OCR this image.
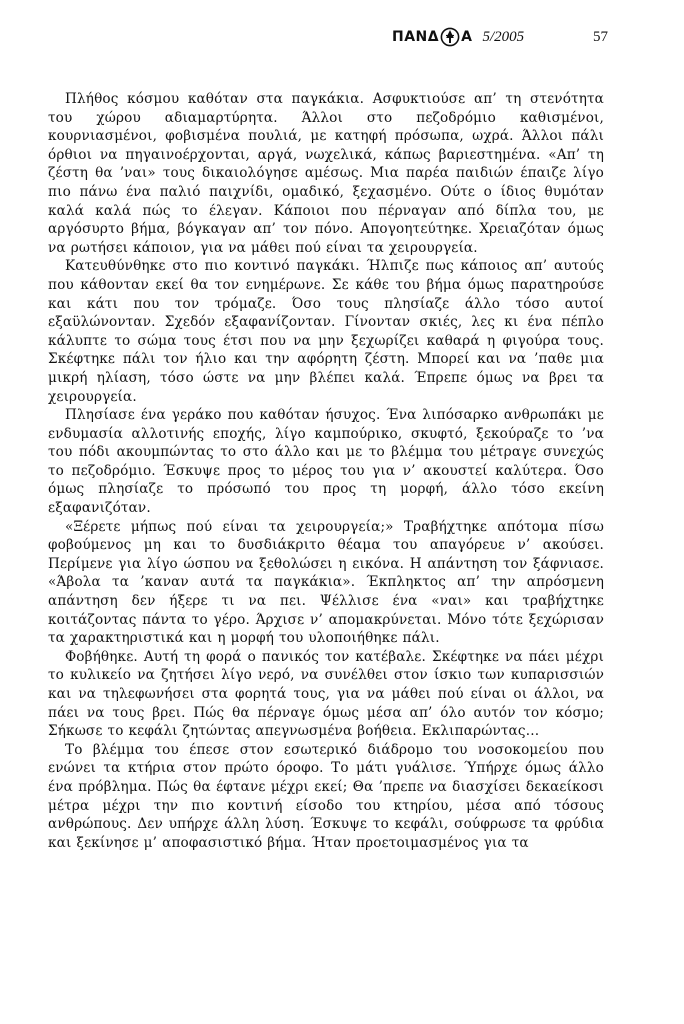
ΠΑΝΔ Α 5/2005	57

Πλήθος κόσμου καθόταν στα παγκάκια. Ασφυκτιούσε απ’ τη στενότητα του χώρου αδιαμαρτύρητα. Άλλοι στο πεζοδρόμιο καθισμένοι, κουρνιασμένοι, φοβισμένα πουλιά, με κατηφή πρόσωπα, ωχρά. Άλλοι πάλι όρθιοι να πηγαινοέρχονται, αργά, νωχελικά, κάπως βαριεστημένα. «Απ’ τη ζέστη θα ’ναι» τους δικαιολόγησε αμέσως. Μια παρέα παιδιών έπαιζε λίγο πιο πάνω ένα παλιό παιχνίδι, ομαδικό, ξεχασμένο. Ούτε ο ίδιος θυμόταν καλά καλά πώς το έλεγαν. Κάποιοι που πέρναγαν από δίπλα του, με αργόσυρτο βήμα, βόγκαγαν απ’ τον πόνο. Απογοητεύτηκε. Χρειαζόταν όμως να ρωτήσει κάποιον, για να μάθει πού είναι τα χειρουργεία.

Κατευθύνθηκε στο πιο κοντινό παγκάκι. Ήλπιζε πως κάποιος απ’ αυτούς που κάθονταν εκεί θα τον ενημέρωνε. Σε κάθε του βήμα όμως παρατηρούσε και κάτι που τον τρόμαζε. Όσο τους πλησίαζε άλλο τόσο αυτοί εξαϋλώνονταν. Σχεδόν εξαφανίζονταν. Γίνονταν σκιές, λες κι ένα πέπλο κάλυπτε το σώμα τους έτσι που να μην ξεχωρίζει καθαρά η φιγούρα τους. Σκέφτηκε πάλι τον ήλιο και την αφόρητη ζέστη. Μπορεί και να ’παθε μια μικρή ηλίαση, τόσο ώστε να μην βλέπει καλά. Έπρεπε όμως να βρει τα χειρουργεία.

Πλησίασε ένα γεράκο που καθόταν ήσυχος. Ένα λιπόσαρκο ανθρωπάκι με ενδυμασία αλλοτινής εποχής, λίγο καμπούρικο, σκυφτό, ξεκούραζε το ’να του πόδι ακουμπώντας το στο άλλο και με το βλέμμα του μέτραγε συνεχώς το πεζοδρόμιο. Έσκυψε προς το μέρος του για ν’ ακουστεί καλύτερα. Όσο όμως πλησίαζε το πρόσωπό του προς τη μορφή, άλλο τόσο εκείνη εξαφανιζόταν.

«Ξέρετε μήπως πού είναι τα χειρουργεία;» Τραβήχτηκε απότομα πίσω φοβούμενος μη και το δυσδιάκριτο θέαμα του απαγόρευε ν’ ακούσει. Περίμενε για λίγο ώσπου να ξεθολώσει η εικόνα. Η απάντηση τον ξάφνιασε. «Άβολα τα ’καναν αυτά τα παγκάκια». Έκπληκτος απ’ την απρόσμενη απάντηση δεν ήξερε τι να πει. Ψέλλισε ένα «ναι» και τραβήχτηκε κοιτάζοντας πάντα το γέρο. Άρχισε ν’ απομακρύνεται. Μόνο τότε ξεχώρισαν τα χαρακτηριστικά και η μορφή του υλοποιήθηκε πάλι.

Φοβήθηκε. Αυτή τη φορά ο πανικός τον κατέβαλε. Σκέφτηκε να πάει μέχρι το κυλικείο να ζητήσει λίγο νερό, να συνέλθει στον ίσκιο των κυπαρισσιών και να τηλεφωνήσει στα φορητά τους, για να μάθει πού είναι οι άλλοι, να πάει να τους βρει. Πώς θα πέρναγε όμως μέσα απ’ όλο αυτόν τον κόσμο; Σήκωσε το κεφάλι ζητώντας απεγνωσμένα βοήθεια. Εκλιπαρώντας…

Το βλέμμα του έπεσε στον εσωτερικό διάδρομο του νοσοκομείου που ενώνει τα κτήρια στον πρώτο όροφο. Το μάτι γυάλισε. Ύπήρχε όμως άλλο ένα πρόβλημα. Πώς θα έφτανε μέχρι εκεί; Θα ’πρεπε να διασχίσει δεκαείκοσι μέτρα μέχρι την πιο κοντινή είσοδο του κτηρίου, μέσα από τόσους ανθρώπους. Δεν υπήρχε άλλη λύση. Έσκυψε το κεφάλι, σούφρωσε τα φρύδια και ξεκίνησε μ’ αποφασιστικό βήμα. Ήταν προετοιμασμένος για τα
